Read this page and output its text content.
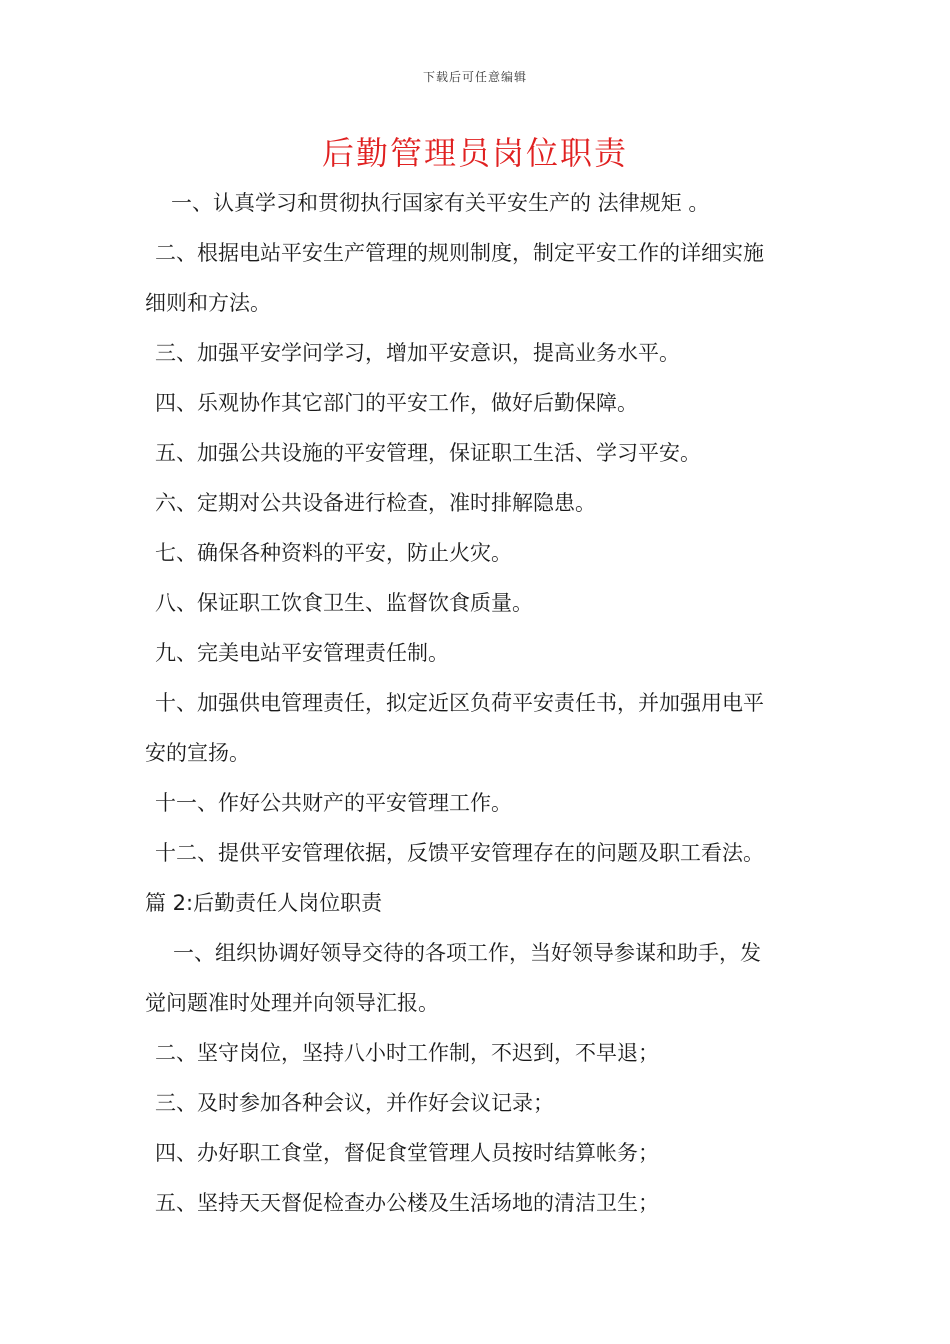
下载后可任意编辑
后勤管理员岗位职责
一、认真学习和贯彻执行国家有关平安生产的 法律规矩 。
二、根据电站平安生产管理的规则制度，制定平安工作的详细实施
细则和方法。
三、加强平安学问学习，增加平安意识，提高业务水平。
四、乐观协作其它部门的平安工作，做好后勤保障。
五、加强公共设施的平安管理，保证职工生活、学习平安。
六、定期对公共设备进行检查，准时排解隐患。
七、确保各种资料的平安，防止火灾。
八、保证职工饮食卫生、监督饮食质量。
九、完美电站平安管理责任制。
十、加强供电管理责任，拟定近区负荷平安责任书，并加强用电平
安的宣扬。
十一、作好公共财产的平安管理工作。
十二、提供平安管理依据，反馈平安管理存在的问题及职工看法。
篇 2:后勤责任人岗位职责
一、组织协调好领导交待的各项工作，当好领导参谋和助手，发
觉问题准时处理并向领导汇报。
二、坚守岗位，坚持八小时工作制，不迟到，不早退；
三、及时参加各种会议，并作好会议记录；
四、办好职工食堂，督促食堂管理人员按时结算帐务；
五、坚持天天督促检查办公楼及生活场地的清洁卫生；
